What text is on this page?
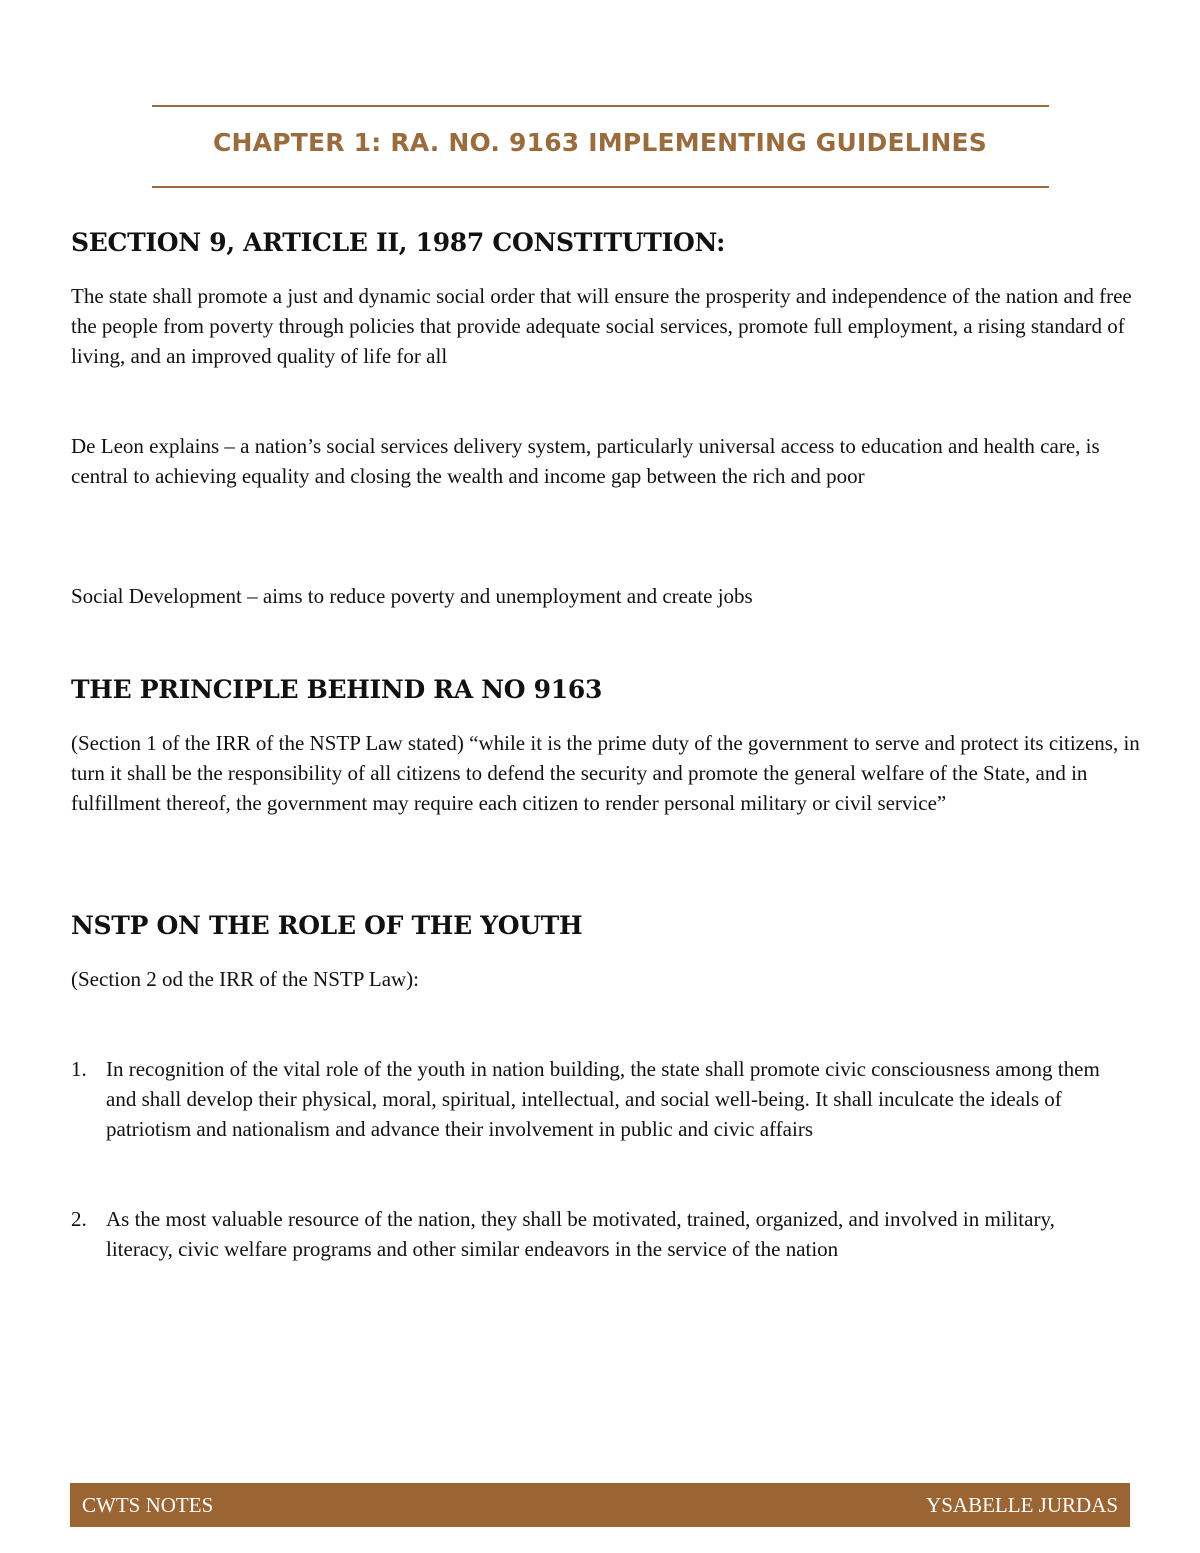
CHAPTER 1: RA. NO. 9163 IMPLEMENTING GUIDELINES
SECTION 9, ARTICLE II, 1987 CONSTITUTION:

The state shall promote a just and dynamic social order that will ensure the prosperity and independence of the nation and free the people from poverty through policies that provide adequate social services, promote full employment, a rising standard of living, and an improved quality of life for all

De Leon explains – a nation’s social services delivery system, particularly universal access to education and health care, is central to achieving equality and closing the wealth and income gap between the rich and poor

Social Development – aims to reduce poverty and unemployment and create jobs

THE PRINCIPLE BEHIND RA NO 9163

(Section 1 of the IRR of the NSTP Law stated) “while it is the prime duty of the government to serve and protect its citizens, in turn it shall be the responsibility of all citizens to defend the security and promote the general welfare of the State, and in fulfillment thereof, the government may require each citizen to render personal military or civil service”

NSTP ON THE ROLE OF THE YOUTH

(Section 2 od the IRR of the NSTP Law):

1. In recognition of the vital role of the youth in nation building, the state shall promote civic consciousness among them and shall develop their physical, moral, spiritual, intellectual, and social well-being. It shall inculcate the ideals of patriotism and nationalism and advance their involvement in public and civic affairs

2. As the most valuable resource of the nation, they shall be motivated, trained, organized, and involved in military, literacy, civic welfare programs and other similar endeavors in the service of the nation

CWTS NOTES	YSABELLE JURDAS
